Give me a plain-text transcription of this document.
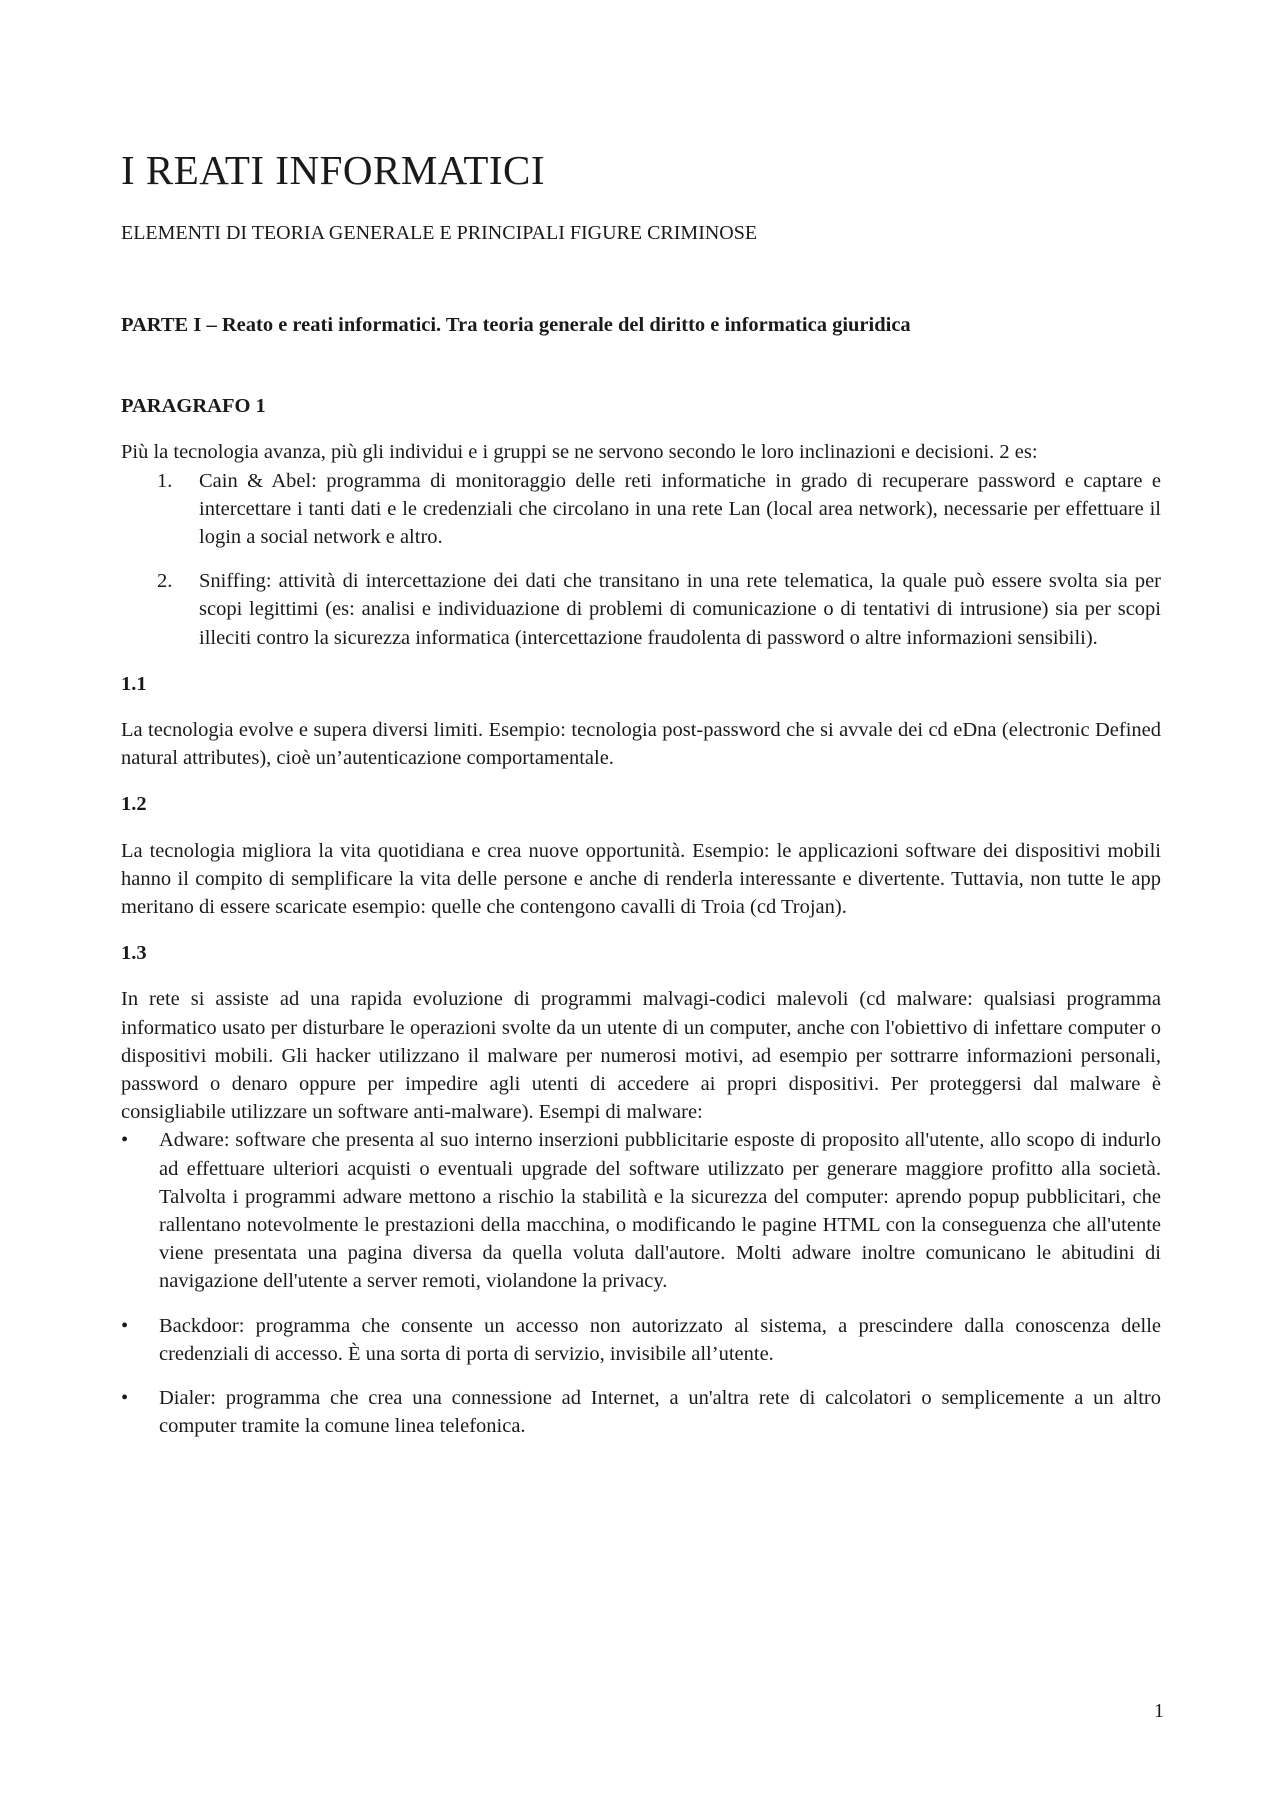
I REATI INFORMATICI
ELEMENTI DI TEORIA GENERALE E PRINCIPALI FIGURE CRIMINOSE

PARTE I – Reato e reati informatici. Tra teoria generale del diritto e informatica giuridica

PARAGRAFO 1

Più la tecnologia avanza, più gli individui e i gruppi se ne servono secondo le loro inclinazioni e decisioni. 2 es:

1. Cain & Abel: programma di monitoraggio delle reti informatiche in grado di recuperare password e captare e intercettare i tanti dati e le credenziali che circolano in una rete Lan (local area network), necessarie per effettuare il login a social network e altro.
2. Sniffing: attività di intercettazione dei dati che transitano in una rete telematica, la quale può essere svolta sia per scopi legittimi (es: analisi e individuazione di problemi di comunicazione o di tentativi di intrusione) sia per scopi illeciti contro la sicurezza informatica (intercettazione fraudolenta di password o altre informazioni sensibili).

1.1

La tecnologia evolve e supera diversi limiti. Esempio: tecnologia post-password che si avvale dei cd eDna (electronic Defined natural attributes), cioè un’autenticazione comportamentale.

1.2

La tecnologia migliora la vita quotidiana e crea nuove opportunità. Esempio: le applicazioni software dei dispositivi mobili hanno il compito di semplificare la vita delle persone e anche di renderla interessante e divertente. Tuttavia, non tutte le app meritano di essere scaricate esempio: quelle che contengono cavalli di Troia (cd Trojan).

1.3

In rete si assiste ad una rapida evoluzione di programmi malvagi-codici malevoli (cd malware: qualsiasi programma informatico usato per disturbare le operazioni svolte da un utente di un computer, anche con l'obiettivo di infettare computer o dispositivi mobili. Gli hacker utilizzano il malware per numerosi motivi, ad esempio per sottrarre informazioni personali, password o denaro oppure per impedire agli utenti di accedere ai propri dispositivi. Per proteggersi dal malware è consigliabile utilizzare un software anti-malware). Esempi di malware:

• Adware: software che presenta al suo interno inserzioni pubblicitarie esposte di proposito all'utente, allo scopo di indurlo ad effettuare ulteriori acquisti o eventuali upgrade del software utilizzato per generare maggiore profitto alla società. Talvolta i programmi adware mettono a rischio la stabilità e la sicurezza del computer: aprendo popup pubblicitari, che rallentano notevolmente le prestazioni della macchina, o modificando le pagine HTML con la conseguenza che all'utente viene presentata una pagina diversa da quella voluta dall'autore. Molti adware inoltre comunicano le abitudini di navigazione dell'utente a server remoti, violandone la privacy.
• Backdoor: programma che consente un accesso non autorizzato al sistema, a prescindere dalla conoscenza delle credenziali di accesso. È una sorta di porta di servizio, invisibile all’utente.
• Dialer: programma che crea una connessione ad Internet, a un'altra rete di calcolatori o semplicemente a un altro computer tramite la comune linea telefonica.
1
